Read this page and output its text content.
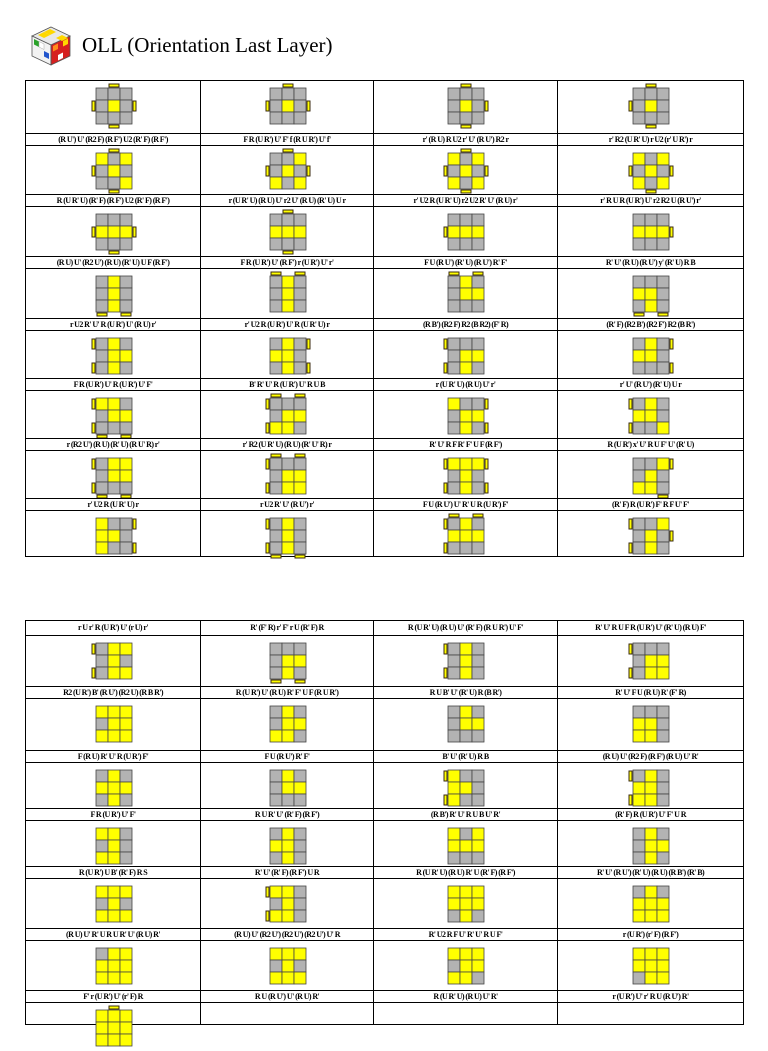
OLL (Orientation Last Layer)
(R U') U' (R2 F) (R F') U2 (R' F) (R F')	F R (U R') U' F' f (R U R') U' f'	r' (R U) R U2 r' U' (R U') R2 r	r' R2 (U R' U) r U2 (r' U R') r
R (U R' U) (R' F) (R F') U2 (R' F) (R F')	r (U R' U) (R U) U' r2 U' (R U) (R' U) U r	r' U2 R (U R' U) r2 U2 R' U' (R U) r'	r' R U R (U R') U' r2 R2 U (R U') r'
(R U) U' (R2 U') (R U) (R' U) U F (R F')	F R (U R') U' (R F') r (U R') U' r'	F U (R U') (R' U) (R U') R' F'	R' U' (R U) (R U') y' (R' U) R B
r U2 R' U' R (U R') U' (R U) r'	r' U2 R (U R') U' R (U R' U) r	(R B') (R2 F) R2 (B R2) (F' R)	(R' F) (R2 B') (R2 F') R2 (B R')
F R (U R') U' R (U R') U' F'	B' R' U' R (U R') U' R U B	r (U R' U) (R U) U' r'	r' U' (R U') (R' U) U r
r (R2 U') (R U) (R' U) (R U' R) r'	r' R2 (U R' U) (R U) (R' U' R) r	R' U' R F R' F' U F (R F')	R (U R') x' U' R U F' U' (R' U)
r' U2 R (U R' U) r	r U2 R' U' (R U') r'	F U (R U') U' R' U R (U R') F'	(R' F) R (U R') F' R F U' F'
r U r' R (U R') U' (r U) r'	R' (F' R) r' F' r U (R' F) R	R (U R' U) (R U) U' (R' F) (R U R') U' F'	R' U' R U F R (U R') U' (R' U) (R U) F'
R2 (U R') B' (R U') (R2 U) (R B R')	R (U R') U' (R U) R' F' U F (R U R')	R U B' U' (R' U) R (B R')	R' U' F U (R U) R' (F' R)
F (R U) R' U' R (U R') F'	F U (R U') R' F'	B' U' (R' U) R B	(R U) U' (R2 F) (R F') (R U) U' R'
F R (U R') U' F'	R U R' U' (R' F) (R F')	(R B') R' U' R U B U' R'	(R' F) R (U R') U' F' U R
R (U R') U B' (R' F) R S	R' U' (R' F) (R F') U R	R (U R' U) (R U) R' U (R' F) (R F')	R' U' (R U') (R' U) (R U) (R B') (R' B)
(R U) U' R' U R U R' U' (R U) R'	(R U) U' (R2 U') (R2 U') (R2 U') U' R	R' U2 R F U' R' U' R U F'	r (U R') (r' F) (R F')
F' r (U R') U' (r' F) R	R U (R U') U' (R U) R'	R (U R' U) (R U) U' R'	r (U R') U' r' R U (R U') R'
